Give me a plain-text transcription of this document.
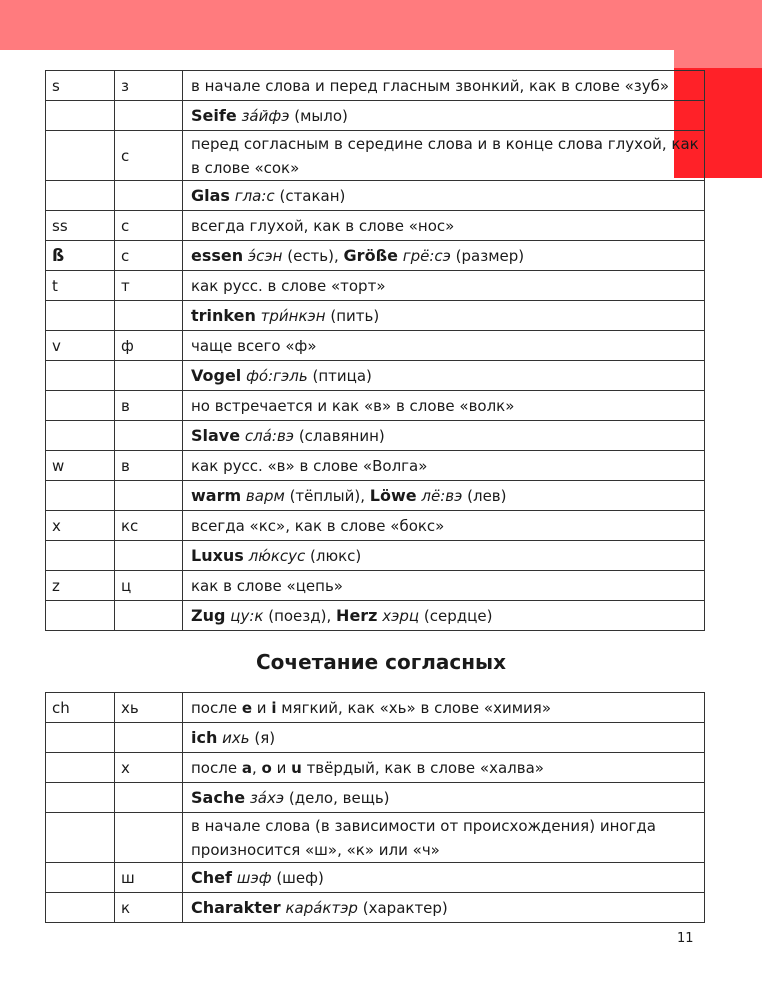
s	з	в начале слова и перед гласным звонкий, как в слове «зуб»
		Seife за́йфэ (мыло)
	с	перед согласным в середине слова и в конце слова глухой, как в слове «сок»
		Glas гла:с (стакан)
ss	с	всегда глухой, как в слове «нос»
ß	с	essen э́сэн (есть), Größe грё:сэ (размер)
t	т	как русс. в слове «торт»
		trinken три́нкэн (пить)
v	ф	чаще всего «ф»
		Vogel фо́:гэль (птица)
	в	но встречается и как «в» в слове «волк»
		Slave сла́:вэ (славянин)
w	в	как русс. «в» в слове «Волга»
		warm варм (тёплый), Löwe лё:вэ (лев)
x	кс	всегда «кс», как в слове «бокс»
		Luxus лю́ксус (люкс)
z	ц	как в слове «цепь»
		Zug цу:к (поезд), Herz хэрц (сердце)
Сочетание согласных
ch	хь	после e и i мягкий, как «хь» в слове «химия»
		ich ихь (я)
	х	после a, o и u твёрдый, как в слове «халва»
		Sache за́хэ (дело, вещь)
		в начале слова (в зависимости от происхождения) иногда произносится «ш», «к» или «ч»
	ш	Chef шэф (шеф)
	к	Charakter кара́ктэр (характер)
11
